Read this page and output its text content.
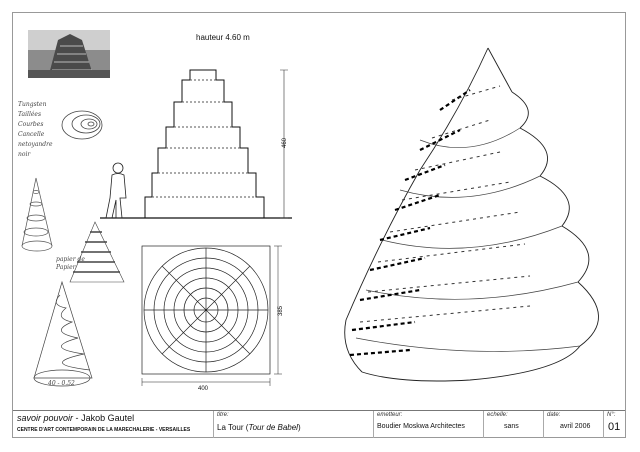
hauteur 4.60 m
460
400
385
Tungsten
Taillées
Courbes
Cancelle
netoyandre
noir
papier de Papier
40 - 0.52
savoir pouvoir - Jakob Gautel
CENTRE D'ART CONTEMPORAIN DE LA MARECHALERIE - VERSAILLES
titre:
La Tour (Tour de Babel)
emetteur:
Boudier Moskwa Architectes
echelle:
sans
date:
avril 2006
N°:
01
